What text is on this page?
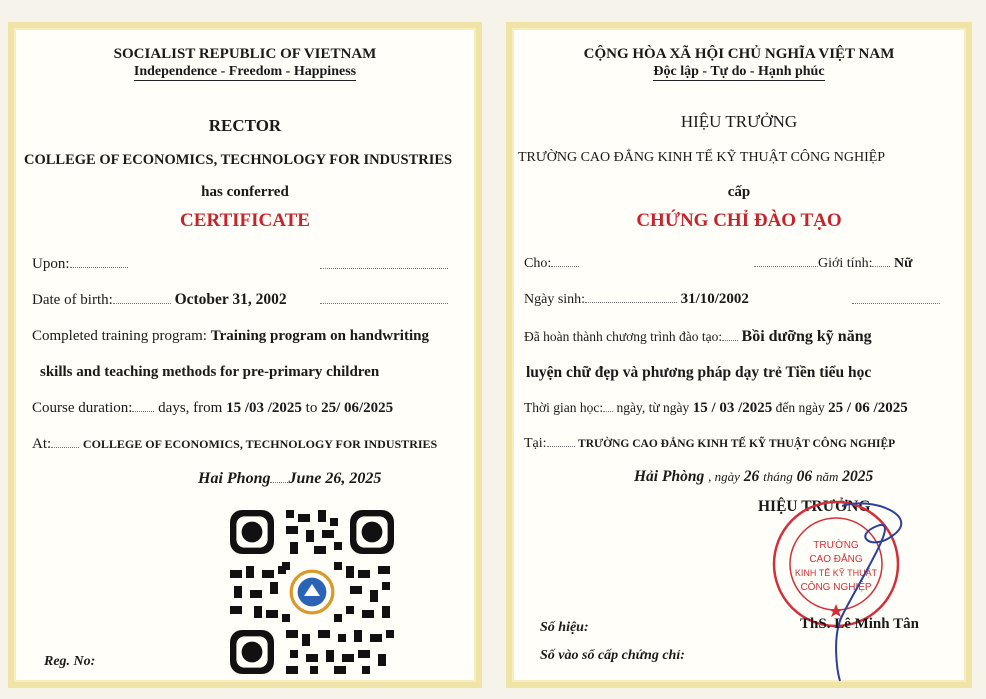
SOCIALIST REPUBLIC OF VIETNAM
Independence - Freedom - Happiness
RECTOR
COLLEGE OF ECONOMICS, TECHNOLOGY FOR INDUSTRIES
has conferred
CERTIFICATE
Upon:
Date of birth:	October 31, 2002
Completed training program: Training program on handwriting
skills and teaching methods for pre-primary children
Course duration: days, from 15 /03 /2025 to 25/ 06/2025
At:	COLLEGE OF ECONOMICS, TECHNOLOGY FOR INDUSTRIES
Hai Phong June 26, 2025
Reg. No:
CỘNG HÒA XÃ HỘI CHỦ NGHĨA VIỆT NAM
Độc lập - Tự do - Hạnh phúc
HIỆU TRƯỞNG
TRƯỜNG CAO ĐẲNG KINH TẾ KỸ THUẬT CÔNG NGHIỆP
cấp
CHỨNG CHỈ ĐÀO TẠO
Cho:	Giới tính: Nữ
Ngày sinh:	31/10/2002
Đã hoàn thành chương trình đào tạo: Bồi dưỡng kỹ năng
luyện chữ đẹp và phương pháp dạy trẻ Tiền tiểu học
Thời gian học: ngày, từ ngày 15 / 03 /2025 đến ngày 25 / 06 /2025
Tại:	TRƯỜNG CAO ĐẲNG KINH TẾ KỸ THUẬT CÔNG NGHIỆP
Hải Phòng , ngày 26 tháng 06 năm 2025
HIỆU TRƯỞNG
TRƯỜNG
CAO ĐẲNG
KINH TẾ KỸ THUẬT
CÔNG NGHIỆP
ThS. Lê Minh Tân
Số hiệu:
Số vào sổ cấp chứng chỉ:
